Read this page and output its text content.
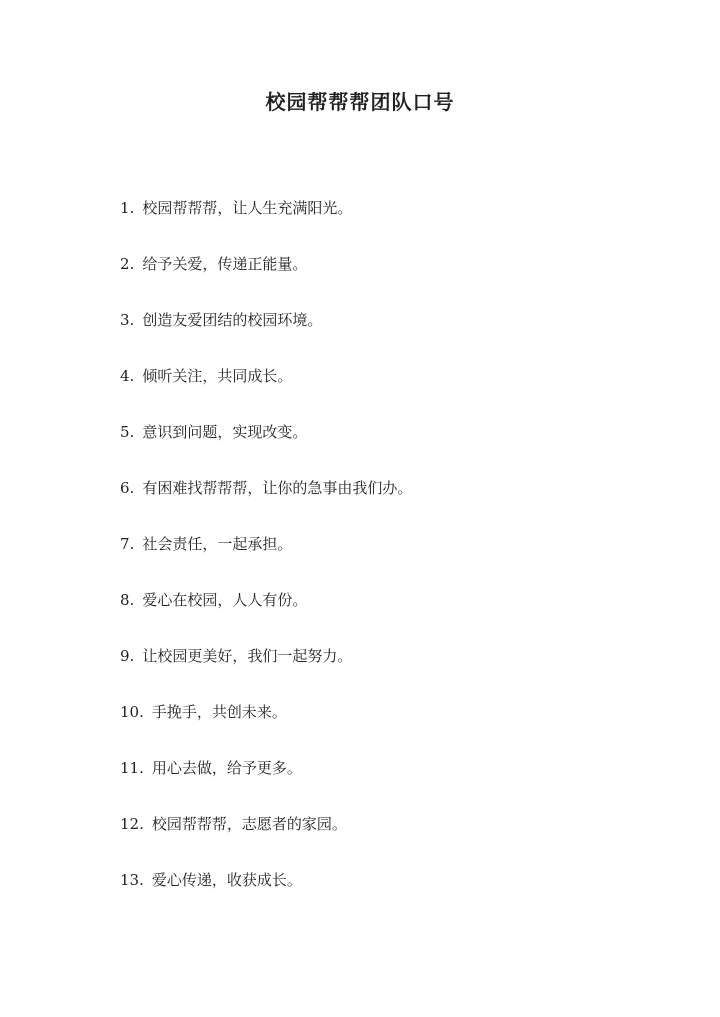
校园帮帮帮团队口号
1. 校园帮帮帮，让人生充满阳光。
2. 给予关爱，传递正能量。
3. 创造友爱团结的校园环境。
4. 倾听关注，共同成长。
5. 意识到问题，实现改变。
6. 有困难找帮帮帮，让你的急事由我们办。
7. 社会责任，一起承担。
8. 爱心在校园，人人有份。
9. 让校园更美好，我们一起努力。
10. 手挽手，共创未来。
11. 用心去做，给予更多。
12. 校园帮帮帮，志愿者的家园。
13. 爱心传递，收获成长。
